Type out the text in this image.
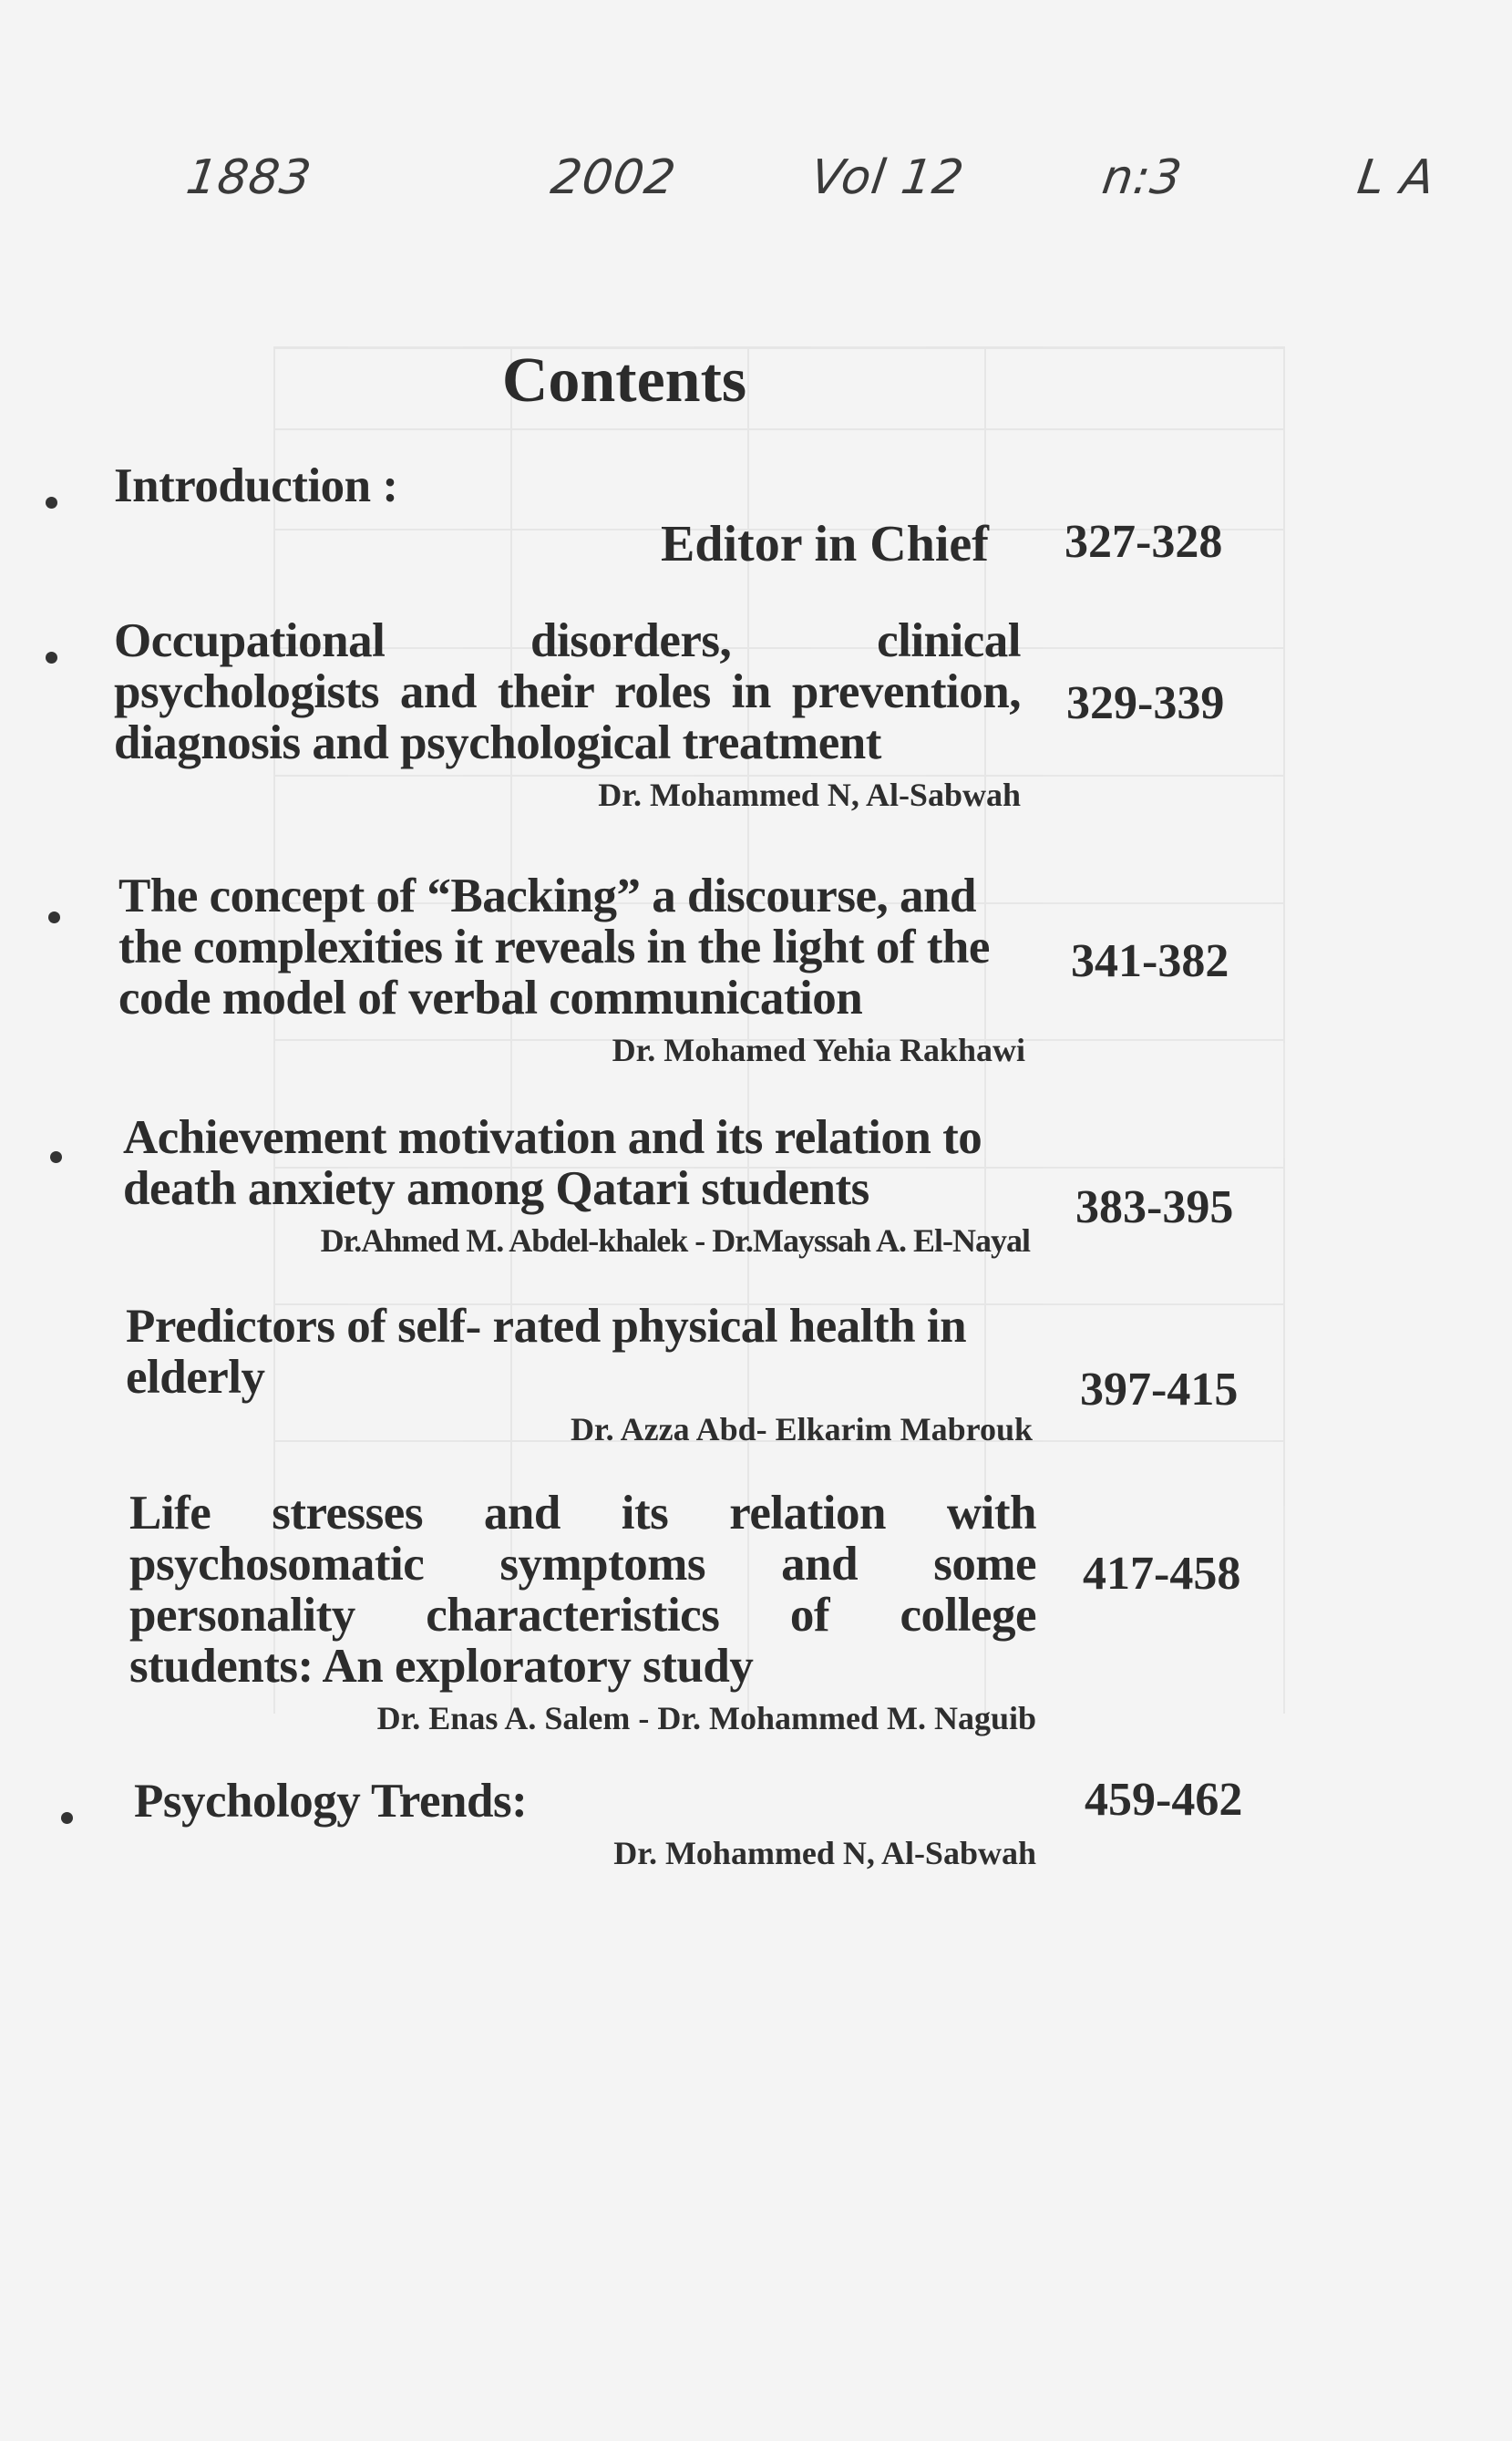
1883	2002	Vol 12	n:3	L A
Contents
Introduction :
Editor in Chief 327-328
Occupational disorders, clinical psychologists and their roles in prevention, diagnosis and psychological treatment
Dr. Mohammed N, Al-Sabwah
329-339
The concept of “Backing” a discourse, and the complexities it reveals in the light of the code model of verbal communication
Dr. Mohamed Yehia Rakhawi
341-382
Achievement motivation and its relation to death anxiety among Qatari students
Dr.Ahmed M. Abdel-khalek - Dr.Mayssah A. El-Nayal
383-395
Predictors of self- rated physical health in elderly
Dr. Azza Abd- Elkarim Mabrouk
397-415
Life stresses and its relation with psychosomatic symptoms and some personality characteristics of college students: An exploratory study
Dr. Enas A. Salem - Dr. Mohammed M. Naguib
417-458
Psychology Trends:
Dr. Mohammed N, Al-Sabwah
459-462
